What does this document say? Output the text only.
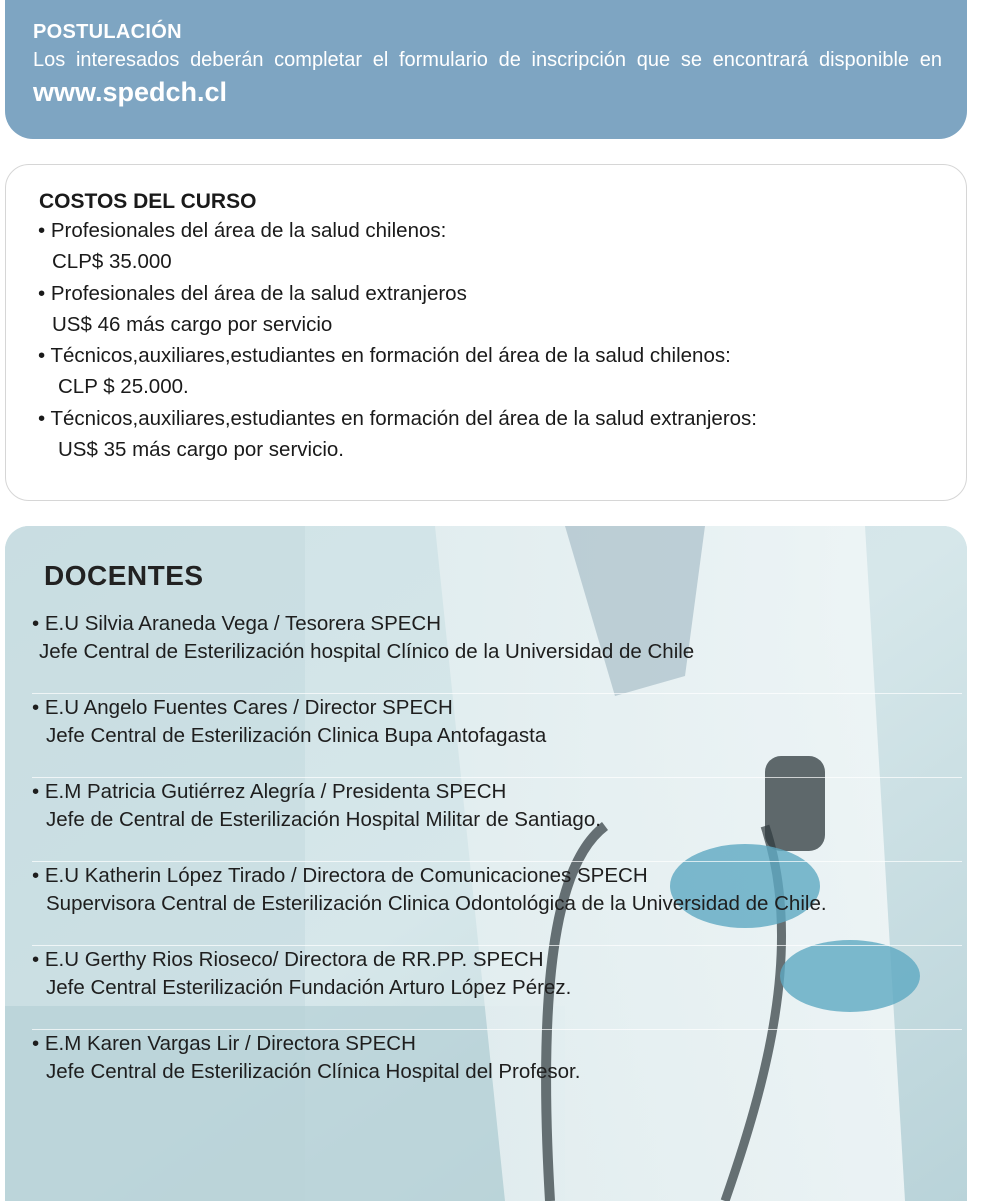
POSTULACIÓN

Los interesados deberán completar el formulario de inscripción que se encontrará disponible en www.spedch.cl

COSTOS DEL CURSO
• Profesionales del área de la salud chilenos:
CLP$ 35.000
• Profesionales del área de la salud extranjeros
US$ 46 más cargo por servicio
• Técnicos,auxiliares,estudiantes en formación del área de la salud chilenos:
CLP $ 25.000.
• Técnicos,auxiliares,estudiantes en formación del área de la salud extranjeros:
US$ 35 más cargo por servicio.
DOCENTES
• E.U Silvia Araneda Vega / Tesorera SPECH
Jefe Central de Esterilización hospital Clínico de la Universidad de Chile
• E.U Angelo Fuentes Cares / Director SPECH
Jefe Central de Esterilización Clinica Bupa Antofagasta
• E.M Patricia Gutiérrez Alegría / Presidenta SPECH
Jefe de Central de Esterilización Hospital Militar de Santiago.
• E.U Katherin López Tirado / Directora de Comunicaciones SPECH
Supervisora Central de Esterilización Clinica Odontológica de la Universidad de Chile.
• E.U Gerthy Rios Rioseco/ Directora de RR.PP. SPECH
Jefe Central Esterilización Fundación Arturo López Pérez.
• E.M Karen Vargas Lir / Directora SPECH
Jefe Central de Esterilización Clínica Hospital del Profesor.
